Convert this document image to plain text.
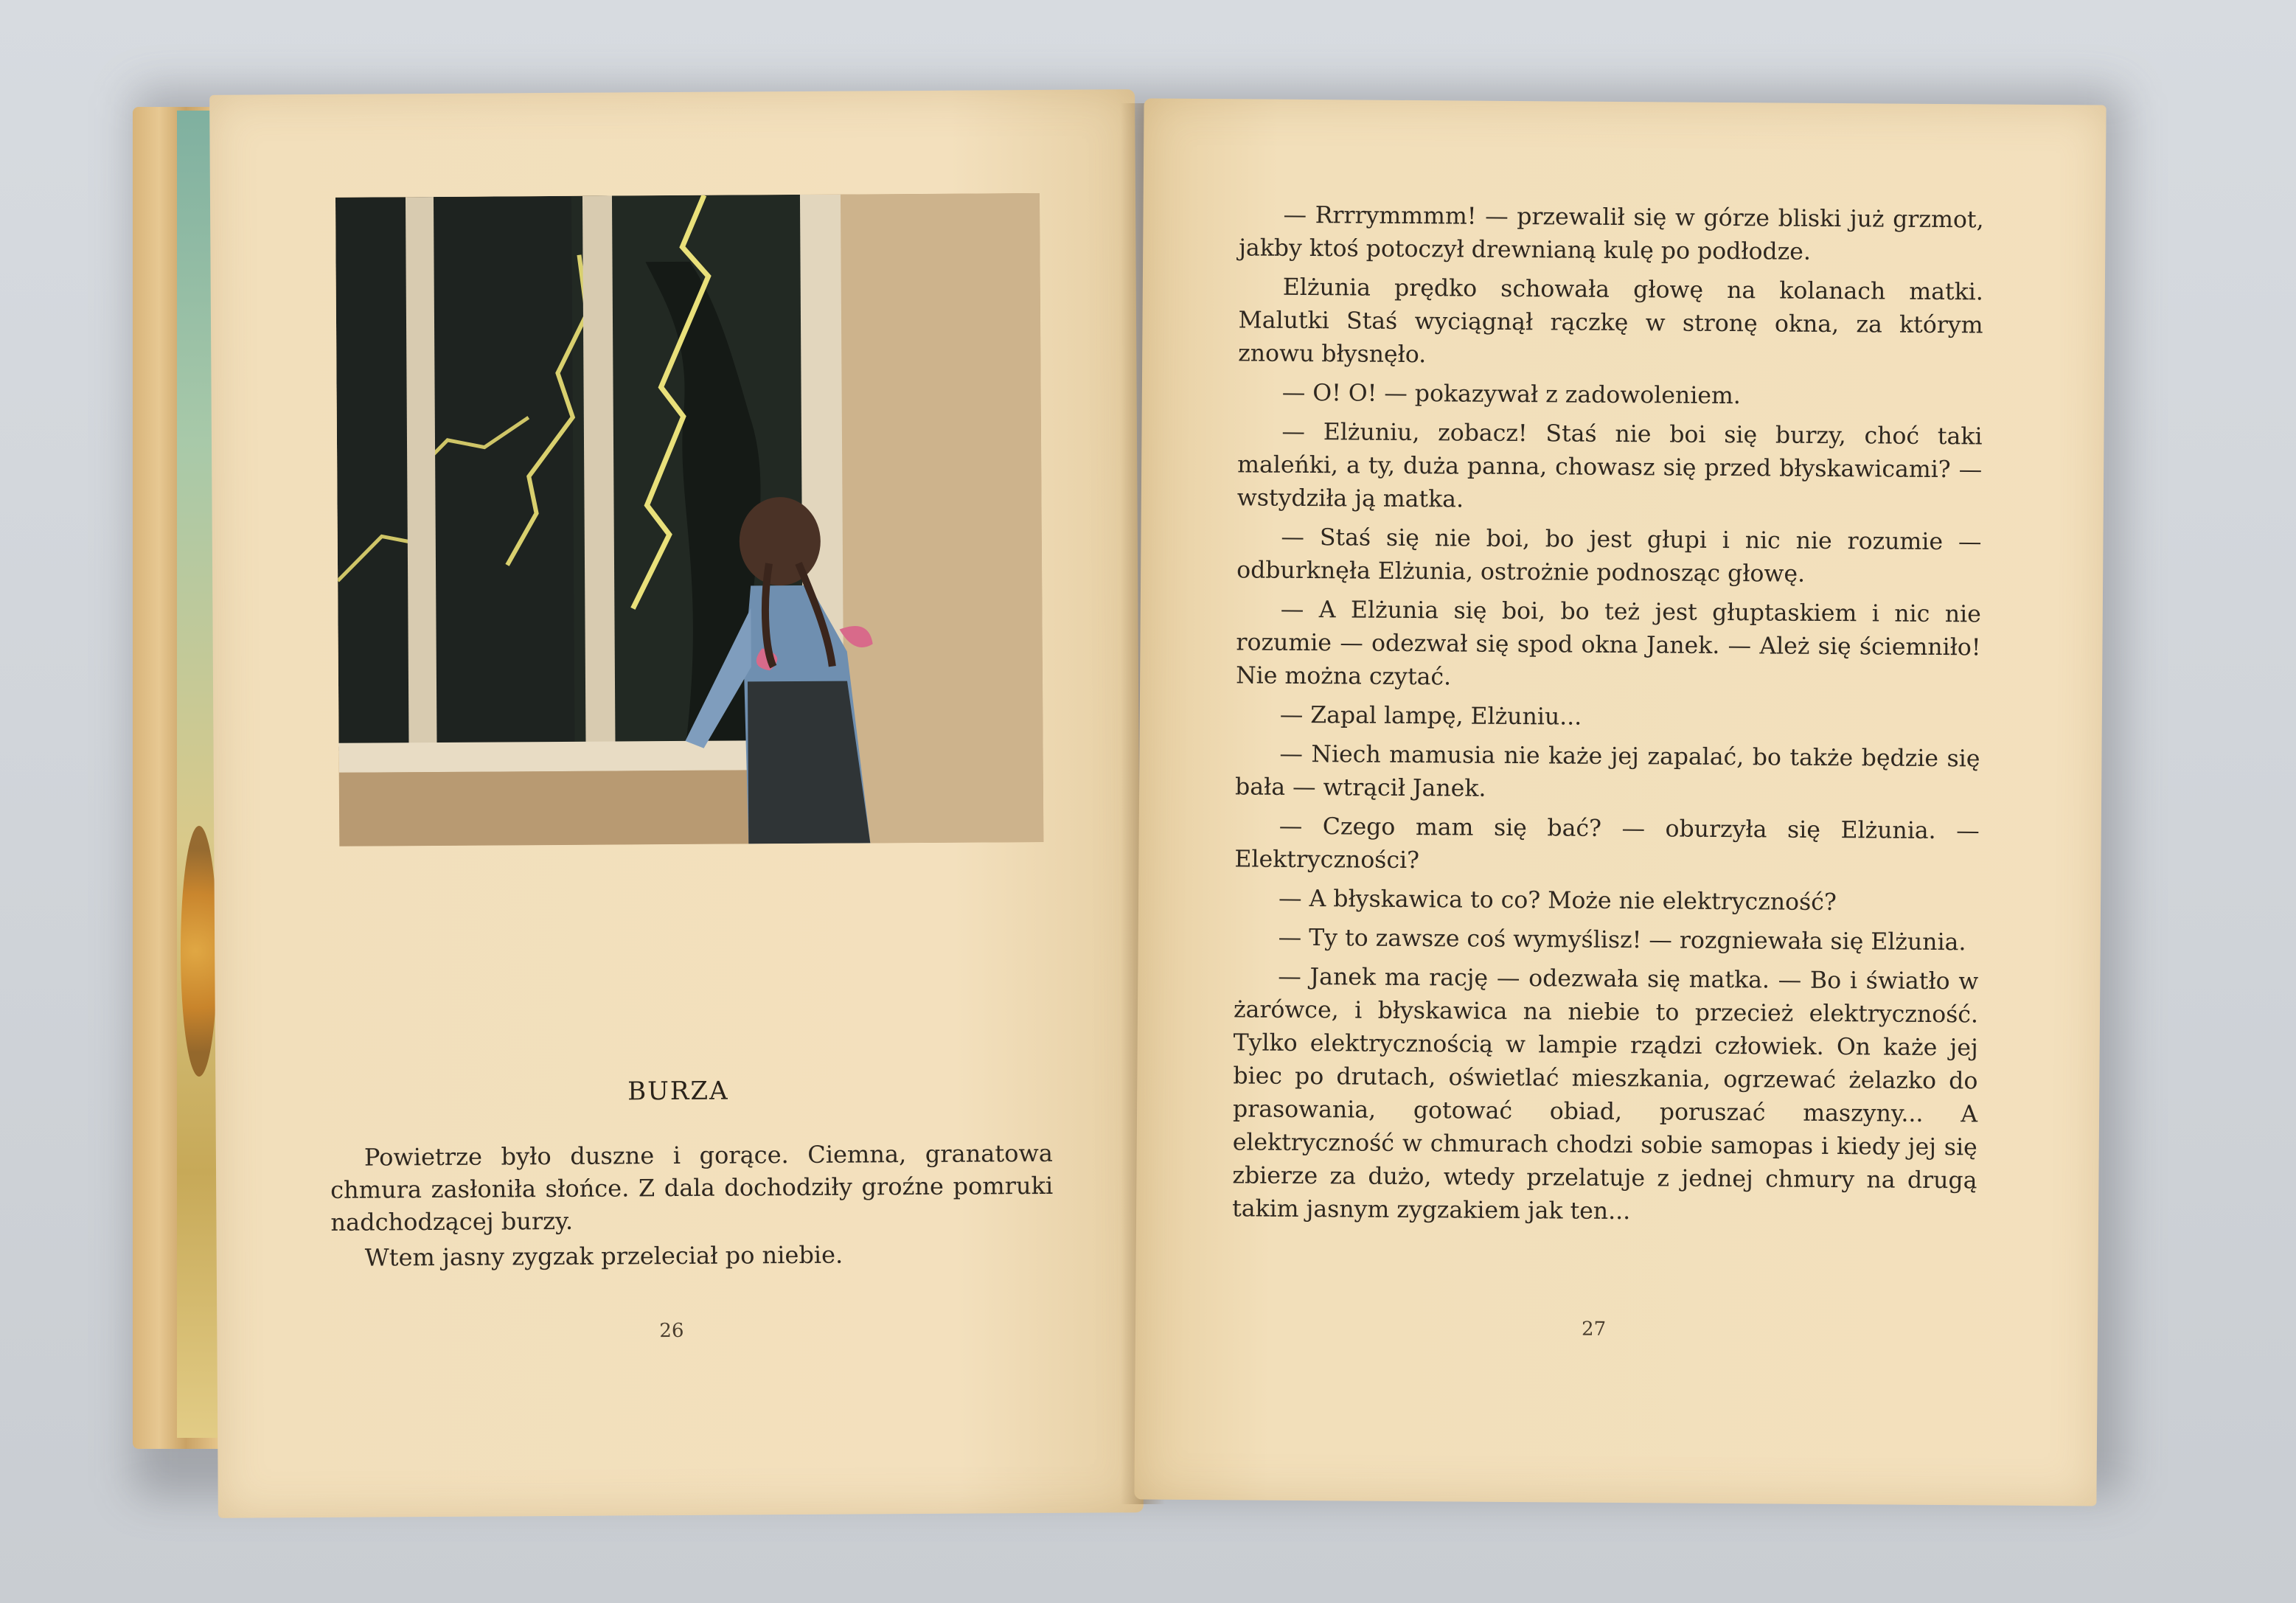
BURZA

Powietrze było duszne i gorące. Ciemna, granatowa chmura zasłoniła słońce. Z dala dochodziły groźne pomruki nadchodzącej burzy.

Wtem jasny zygzak przeleciał po niebie.

26

— Rrrrymmmm! — przewalił się w górze bliski już grzmot, jakby ktoś potoczył drewnianą kulę po podłodze.

Elżunia prędko schowała głowę na kolanach matki. Malutki Staś wyciągnął rączkę w stronę okna, za którym znowu błysnęło.

— O! O! — pokazywał z zadowoleniem.

— Elżuniu, zobacz! Staś nie boi się burzy, choć taki maleńki, a ty, duża panna, chowasz się przed błyskawicami? — wstydziła ją matka.

— Staś się nie boi, bo jest głupi i nic nie rozumie — odburknęła Elżunia, ostrożnie podnosząc głowę.

— A Elżunia się boi, bo też jest głuptaskiem i nic nie rozumie — odezwał się spod okna Janek. — Ależ się ściemniło! Nie można czytać.

— Zapal lampę, Elżuniu...

— Niech mamusia nie każe jej zapalać, bo także będzie się bała — wtrącił Janek.

— Czego mam się bać? — oburzyła się Elżunia. — Elektryczności?

— A błyskawica to co? Może nie elektryczność?

— Ty to zawsze coś wymyślisz! — rozgniewała się Elżunia.

— Janek ma rację — odezwała się matka. — Bo i światło w żarówce, i błyskawica na niebie to przecież elektryczność. Tylko elektrycznością w lampie rządzi człowiek. On każe jej biec po drutach, oświetlać mieszkania, ogrzewać żelazko do prasowania, gotować obiad, poruszać maszyny... A elektryczność w chmurach chodzi sobie samopas i kiedy jej się zbierze za dużo, wtedy przelatuje z jednej chmury na drugą takim jasnym zygzakiem jak ten...

27
